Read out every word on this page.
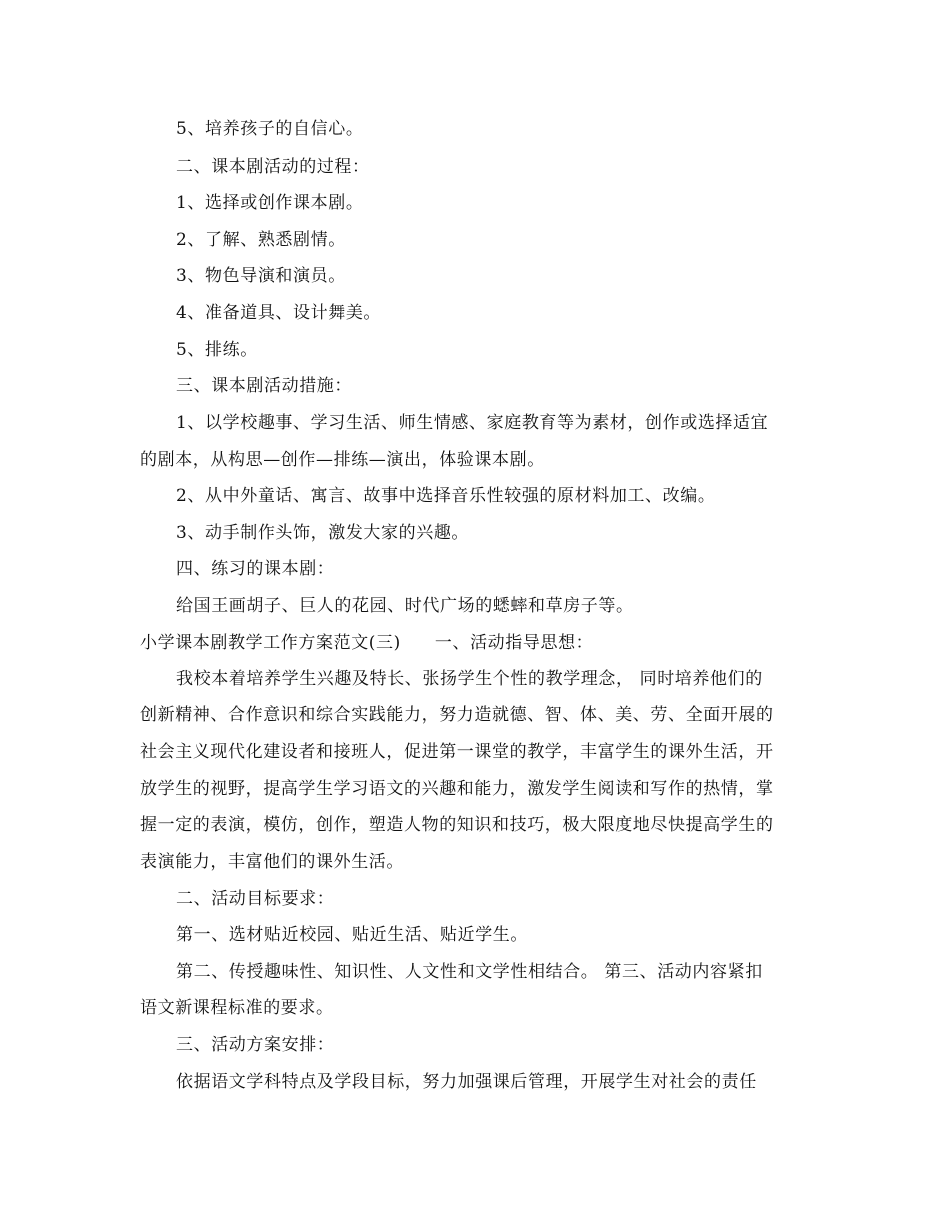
5、培养孩子的自信心。
二、课本剧活动的过程：
1、选择或创作课本剧。
2、了解、熟悉剧情。
3、物色导演和演员。
4、准备道具、设计舞美。
5、排练。
三、课本剧活动措施：
1、以学校趣事、学习生活、师生情感、家庭教育等为素材，创作或选择适宜
的剧本，从构思—创作—排练—演出，体验课本剧。
2、从中外童话、寓言、故事中选择音乐性较强的原材料加工、改编。
3、动手制作头饰，激发大家的兴趣。
四、练习的课本剧：
给国王画胡子、巨人的花园、时代广场的蟋蟀和草房子等。
小学课本剧教学工作方案范文(三) 一、活动指导思想：
我校本着培养学生兴趣及特长、张扬学生个性的教学理念， 同时培养他们的
创新精神、合作意识和综合实践能力，努力造就德、智、体、美、劳、全面开展的
社会主义现代化建设者和接班人，促进第一课堂的教学，丰富学生的课外生活，开
放学生的视野，提高学生学习语文的兴趣和能力，激发学生阅读和写作的热情，掌
握一定的表演，模仿，创作，塑造人物的知识和技巧，极大限度地尽快提高学生的
表演能力，丰富他们的课外生活。
二、活动目标要求：
第一、选材贴近校园、贴近生活、贴近学生。
第二、传授趣味性、知识性、人文性和文学性相结合。 第三、活动内容紧扣
语文新课程标准的要求。
三、活动方案安排：
依据语文学科特点及学段目标，努力加强课后管理，开展学生对社会的责任
